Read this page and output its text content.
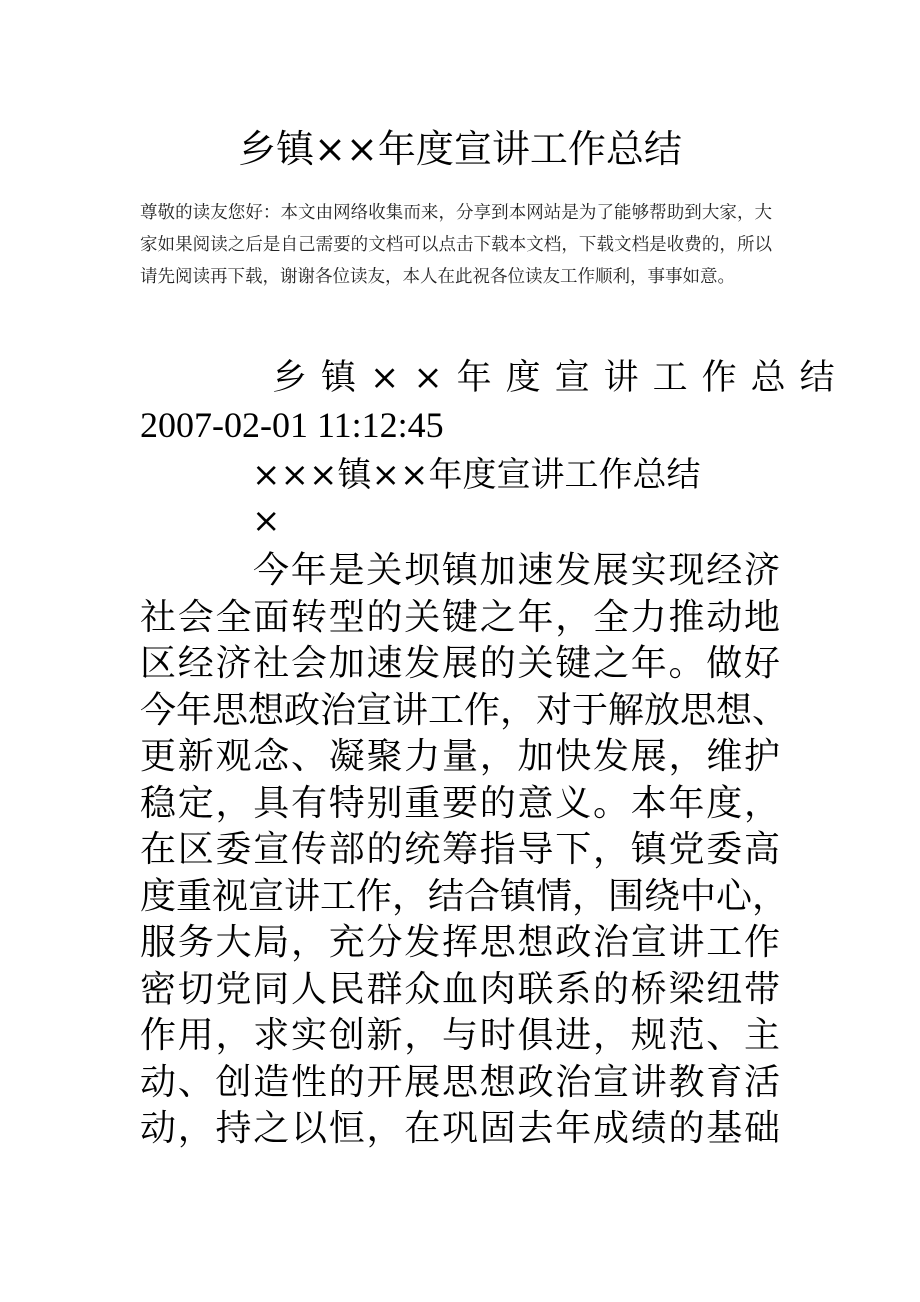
乡镇××年度宣讲工作总结
尊敬的读友您好：本文由网络收集而来，分享到本网站是为了能够帮助到大家，大家如果阅读之后是自己需要的文档可以点击下载本文档，下载文档是收费的，所以请先阅读再下载，谢谢各位读友，本人在此祝各位读友工作顺利，事事如意。
乡镇××年度宣讲工作总结
2007-02-01 11:12:45
×××镇××年度宣讲工作总结
×
今年是关坝镇加速发展实现经济
社会全面转型的关键之年，全力推动地
区经济社会加速发展的关键之年。做好
今年思想政治宣讲工作，对于解放思想、
更新观念、凝聚力量，加快发展，维护
稳定，具有特别重要的意义。本年度，
在区委宣传部的统筹指导下，镇党委高
度重视宣讲工作，结合镇情，围绕中心，
服务大局，充分发挥思想政治宣讲工作
密切党同人民群众血肉联系的桥梁纽带
作用，求实创新，与时俱进，规范、主
动、创造性的开展思想政治宣讲教育活
动，持之以恒，在巩固去年成绩的基础
